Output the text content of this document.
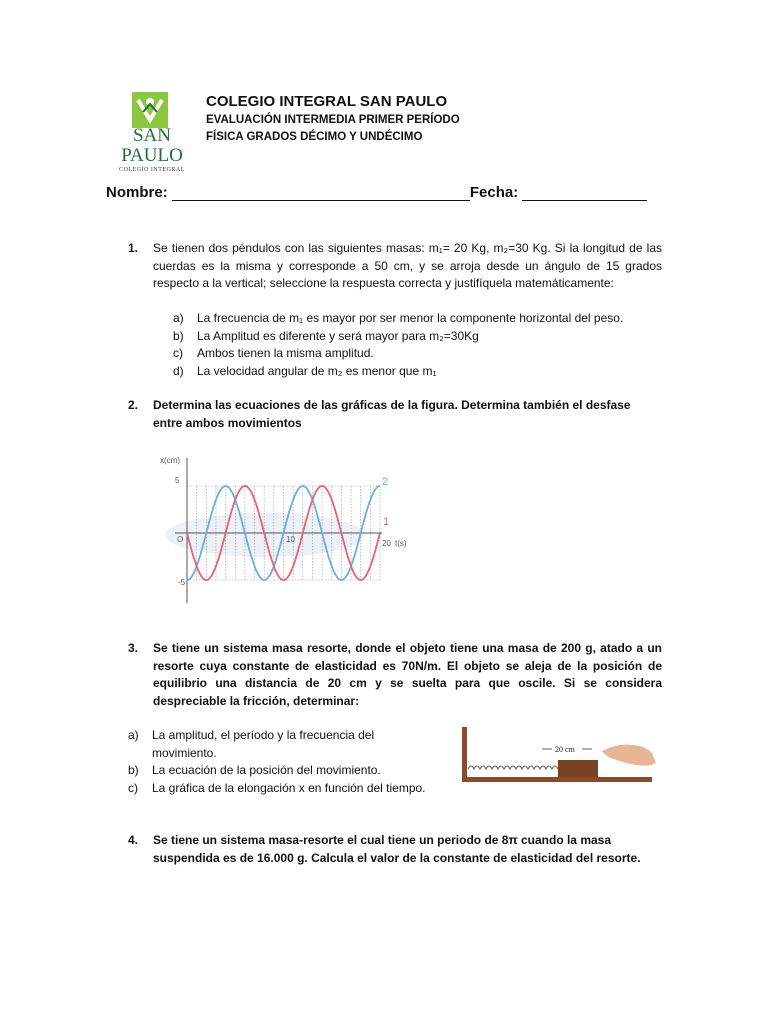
SAN PAULO
COLEGIO INTEGRAL
COLEGIO INTEGRAL SAN PAULO
EVALUACIÓN INTERMEDIA PRIMER PERÍODO
FÍSICA GRADOS DÉCIMO Y UNDÉCIMO
Nombre:	Fecha:
1. Se tienen dos péndulos con las siguientes masas: m₁= 20 Kg, m₂=30 Kg. Si la longitud de las cuerdas es la misma y corresponde a 50 cm, y se arroja desde un ángulo de 15 grados respecto a la vertical; seleccione la respuesta correcta y justifíquela matemáticamente:
a) La frecuencia de m₁ es mayor por ser menor la componente horizontal del peso.
b) La Amplitud es diferente y será mayor para m₂=30Kg
c) Ambos tienen la misma amplitud.
d) La velocidad angular de m₂ es menor que m₁
2. Determina las ecuaciones de las gráficas de la figura. Determina también el desfase entre ambos movimientos
x(cm)
5
-5
O	10	20 t(s)
2
1
3. Se tiene un sistema masa resorte, donde el objeto tiene una masa de 200 g, atado a un resorte cuya constante de elasticidad es 70N/m. El objeto se aleja de la posición de equilibrio una distancia de 20 cm y se suelta para que oscile. Si se considera despreciable la fricción, determinar:
a) La amplitud, el período y la frecuencia del movimiento.
b) La ecuación de la posición del movimiento.
c) La gráfica de la elongación x en función del tiempo.
20 cm
4. Se tiene un sistema masa-resorte el cual tiene un periodo de 8π cuando la masa suspendida es de 16.000 g. Calcula el valor de la constante de elasticidad del resorte.
